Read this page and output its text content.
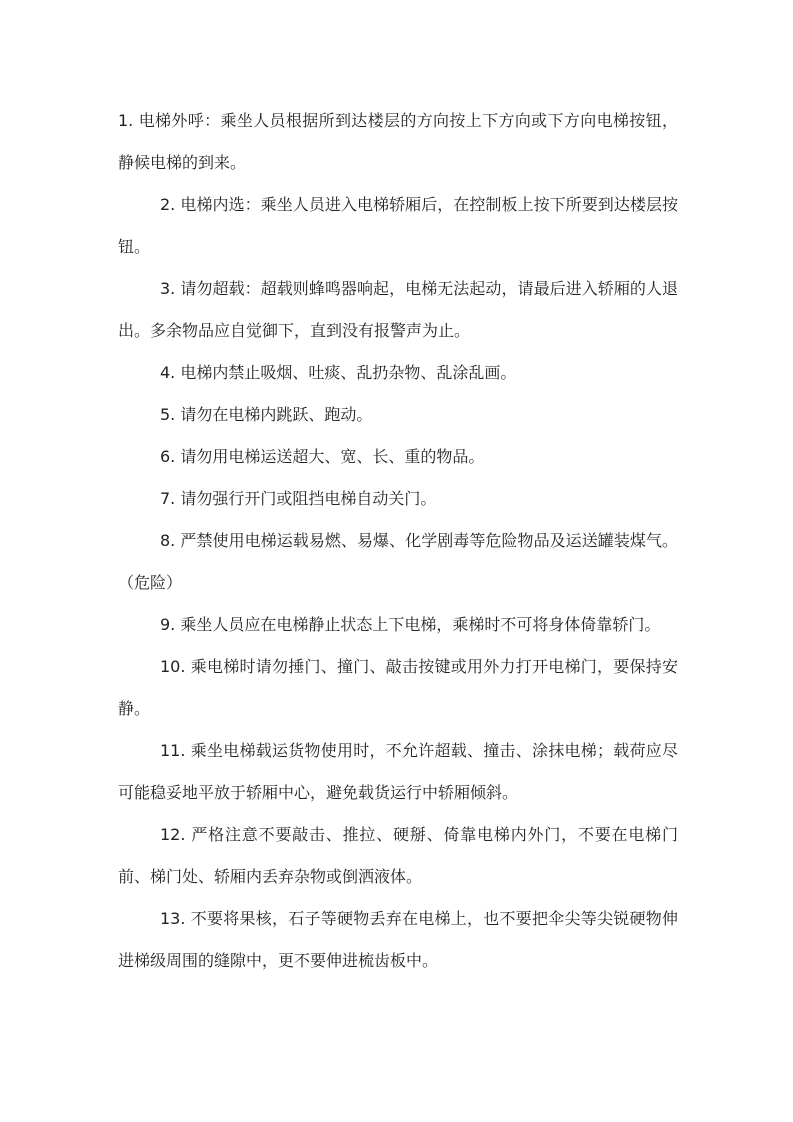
1. 电梯外呼：乘坐人员根据所到达楼层的方向按上下方向或下方向电梯按钮，静候电梯的到来。

2. 电梯内选：乘坐人员进入电梯轿厢后，在控制板上按下所要到达楼层按钮。

3. 请勿超载：超载则蜂鸣器响起，电梯无法起动，请最后进入轿厢的人退出。多余物品应自觉御下，直到没有报警声为止。

4. 电梯内禁止吸烟、吐痰、乱扔杂物、乱涂乱画。

5. 请勿在电梯内跳跃、跑动。

6. 请勿用电梯运送超大、宽、长、重的物品。

7. 请勿强行开门或阻挡电梯自动关门。

8. 严禁使用电梯运载易燃、易爆、化学剧毒等危险物品及运送罐装煤气。（危险）

9. 乘坐人员应在电梯静止状态上下电梯，乘梯时不可将身体倚靠轿门。

10. 乘电梯时请勿捶门、撞门、敲击按键或用外力打开电梯门，要保持安静。

11. 乘坐电梯载运货物使用时，不允许超载、撞击、涂抹电梯；载荷应尽可能稳妥地平放于轿厢中心，避免载货运行中轿厢倾斜。

12. 严格注意不要敲击、推拉、硬掰、倚靠电梯内外门，不要在电梯门前、梯门处、轿厢内丢弃杂物或倒洒液体。

13. 不要将果核，石子等硬物丢弃在电梯上，也不要把伞尖等尖锐硬物伸进梯级周围的缝隙中，更不要伸进梳齿板中。
